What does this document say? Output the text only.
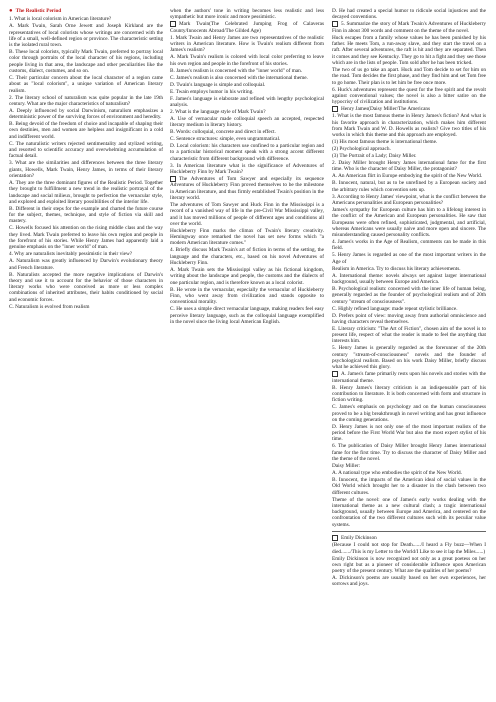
● The Realistic Period

1. What is local colorism in American literature?

A. Mark Twain, Sarah Orne Jewett and Joseph Kirkland are the representatives of local colorists whose writings are concerned with the life of a small, well-defined region or province. The characteristic setting is the isolated rural town.

B. These local colorists, typically Mark Twain, preferred to portray local color through portraits of the local character of his regions, including people living in that area, the landscape and other peculiarities like the customs, dialect, costumes, and so on.

C. Their particular concern about the local character of a region came about as "local colorism", a unique variation of American literary realism.

2. The literary school of naturalism was quite popular in the late 19th century. What are the major characteristics of naturalism?

A. Deeply influenced by social Darwinism, naturalism emphasizes a deterministic power of the surviving forces of environment and heredity.

B. Being devoid of the freedom of choice and incapable of shaping their own destinies, men and women are helpless and insignificant in a cold and indifferent world.

C. The naturalistic writers rejected sentimentality and stylized writing, and resorted to scientific accuracy and overwhelming accumulation of factual detail.

3. What are the similarities and differences between the three literary giants, Howells, Mark Twain, Henry James, in terms of their literary orientation?

A. They are the three dominant figures of the Realistic Period. Together they brought to fulfillment a new trend in the realistic portrayal of the landscape and social milieux, brought to perfection the vernacular style, and explored and exploited literary possibilities of the interior life.

B. Different in their steps for the example and charted the future course for the subject, themes, technique, and style of fiction via skill and mastery.

C. Howells focused his attention on the rising middle class and the way they lived. Mark Twain preferred to leave his own region and people in the forefront of his stories. While Henry James had apparently laid a genuine emphasis on the "inner world" of man.

4. Why are naturalists inevitably pessimistic in their view?

A. Naturalism was greatly influenced by Darwin's evolutionary theory and French literature.

B. Naturalists accepted the more negative implications of Darwin's theory and use it to account for the behavior of those characters in literary works who were conceived as more or less complex combinations of inherited attributes, their habits conditioned by social and economic forces.

C. Naturalism is evolved from realism

when the authors' tone in writing becomes less realistic and less sympathetic but more ironic and more pessimistic.

Mark Twain(The Celebrated Jumping Frog of Calaveras County/Innocents Abroad/The Gilded Age)

1. Mark Twain and Henry James are two representatives of the realistic writers in American literature. How is Twain's realism different from James's realism?

A. Mark Twain's realism is colored with local color preferring to leave his own region and people in the forefront of his stories.

B. James's realism is concerned with the "inner world" of man.

C. James's realism is also concerned with the international theme.

D. Twain's language is simple and colloquial.

E. Twain employs humor in his writing.

F. James's language is elaborate and refined with lengthy psychological analysis.

2. What is the language style of Mark Twain?

A. Use of vernacular made colloquial speech an accepted, respected literary medium in literary history.

B. Words: colloquial, concrete and direct in effect.

C. Sentence structures: simple, even ungrammatical.

D. Local colorism: his characters use confined to a particular region and to a particular historical moment speak with a strong accent different characteristic from different background with difference.

3. In American literature what is the significance of Adventures of Huckleberry Finn by Mark Twain?

The Adventures of Tom Sawyer and especially its sequence Adventures of Huckleberry Finn proved themselves to be the milestone in American literature, and thus firmly established Twain's position in the literary world.

The adventures of Tom Sawyer and Huck Finn in the Mississippi is a record of a vanished way of life in the pre-Civil War Mississippi valley, and it has moved millions of people of different ages and conditions all over the world.

Huckleberry Finn marks the climax of Twain's literary creativity. Hemingway once remarked the novel has set new forms which "a modern American literature comes."

4. Briefly discuss Mark Twain's art of fiction in terms of the setting, the language and the characters, etc., based on his novel Adventures of Huckleberry Finn.

A. Mark Twain sets the Mississippi valley as his fictional kingdom, writing about the landscape and people, the customs and the dialects of one particular region, and is therefore known as a local colorist.

B. He wrote in the vernacular, especially the vernacular of Huckleberry Finn, who went away from civilization and stands opposite to conventional morality.

C. He uses a simple direct vernacular language, making readers feel easy perceive literary language, such as the colloquial language exemplified in the novel since the living local American English.

D. He had created a special humor to ridicule social injustices and the decayed conventions.

5. Summarize the story of Mark Twain's Adventures of Huckleberry Finn in about 300 words and comment on the theme of the novel.

Huck escapes from a family whose values he has been punished by his father. He meets Tom, a run-away slave, and they start the travel on a raft. After several adventures, the raft is hit and they are separated. Then it comes and they see Kentucky. They go to hit a fight and they see those which are in the lists of people. Tom sold after he has been tricked.

The two of us go take an apart. Huck and Tom decide to set for him on the road. Tom decides the first phase, and they find him and set Tom free to go home. Their plan is to let him be free once more.

6. Huck's adventures represent the quest for the free spirit and the revolt against conventional values; the novel is also a bitter satire on the hypocrisy of civilization and institutions.

Henry James(Daisy Miller/The Americans

1. What is the most famous theme in Henry James's fiction? And what is his favorite approach in characterization, which makes him different from Mark Twain and W. D. Howells as realists? Give two titles of his works in which this theme and this approach are employed.

(1) His most famous theme is international theme.

(2) Psychological approach.

(3) The Portrait of a Lady; Daisy Miller.

2. Daisy Miller brought Henry James international fame for the first time. Who is the character of Daisy Miller, the protagonist?

A. An American flirt in Europe embodying the spirit of the New World.

B. Innocent, natural, but as to be unrefined by a European society and the arbitrary rules which convention sets up.

3. According to Henry James' viewpoint, what is the conflict between the Americans personalities and European personalities?

James's sympathy for European culture has him to a lifelong interest in the conflict of the American and European personalities. He saw that Europeans were often refined, sophisticated, judgmental, and artificial, whereas Americans were usually naive and more open and sincere. The misunderstanding caused personality conflicts.

4. James's works in the Age of Realism, comments can be made in this field.

5. Henry James is regarded as one of the most important writers in the Age of

Realism in America. Try to discuss his literary achievements.

A. International theme: novels always set against larger international background, usually between Europe and America.

B. Psychological realism: concerned with the inner life of human being, generally regarded as the founder of psychological realism and of 20th century "stream of consciousness".

C. Highly refined language: made repeat stylistic brilliance.

D. Prefers point of view: moving away from authorial omniscience and having characters reveal themselves.

E. Literary criticism: "The Art of Fiction", chosen aim of the novel is to present life, respect of what the reader is made to feel the anything that interests him.

5. Henry James is generally regarded as the forerunner of the 20th century "stream-of-consciousness" novels and the founder of psychological realism. Based on his work Daisy Miller, briefly discuss what he achieved this glory.

A. James's fame primarily rests upon his novels and stories with the international theme.

B. Henry James's literary criticism is an indispensable part of his contribution to literature. It is both concerned with form and structure in fiction writing.

C. James's emphasis on psychology and on the human consciousness proved to be a big breakthrough in novel writing and has great influence on the coming generations.

D. Henry James is not only one of the most important realists of the period before the First World War but also the most expert stylist of his time.

6. The publication of Daisy Miller brought Henry James international fame for the first time. Try to discuss the character of Daisy Miller and the theme of the novel.

Daisy Miller:

A. A national type who embodies the spirit of the New World.

B. Innocent, the impacts of the American ideal of social values in the Old World which brought her to a disaster in the clash between two different cultures.

Theme of the novel: one of James's early works dealing with the international theme as a new cultural clash; a tragic international background, usually between Europe and America, and centered on the confrontation of the two different cultures such with its peculiar value systems.

Emily Dickinson

(Because I could not stop for Death....../I heard a Fly buzz—When I died......./This is my Letter to the World/I Like to see it lap the Miles......)

Emily Dickinson is now recognized not only as a great poetess on her own right but as a pioneer of considerable influence upon American poetry of the present century. What are the qualities of her poems?

A. Dickinson's poems are usually based on her own experiences, her sorrows and joys.
